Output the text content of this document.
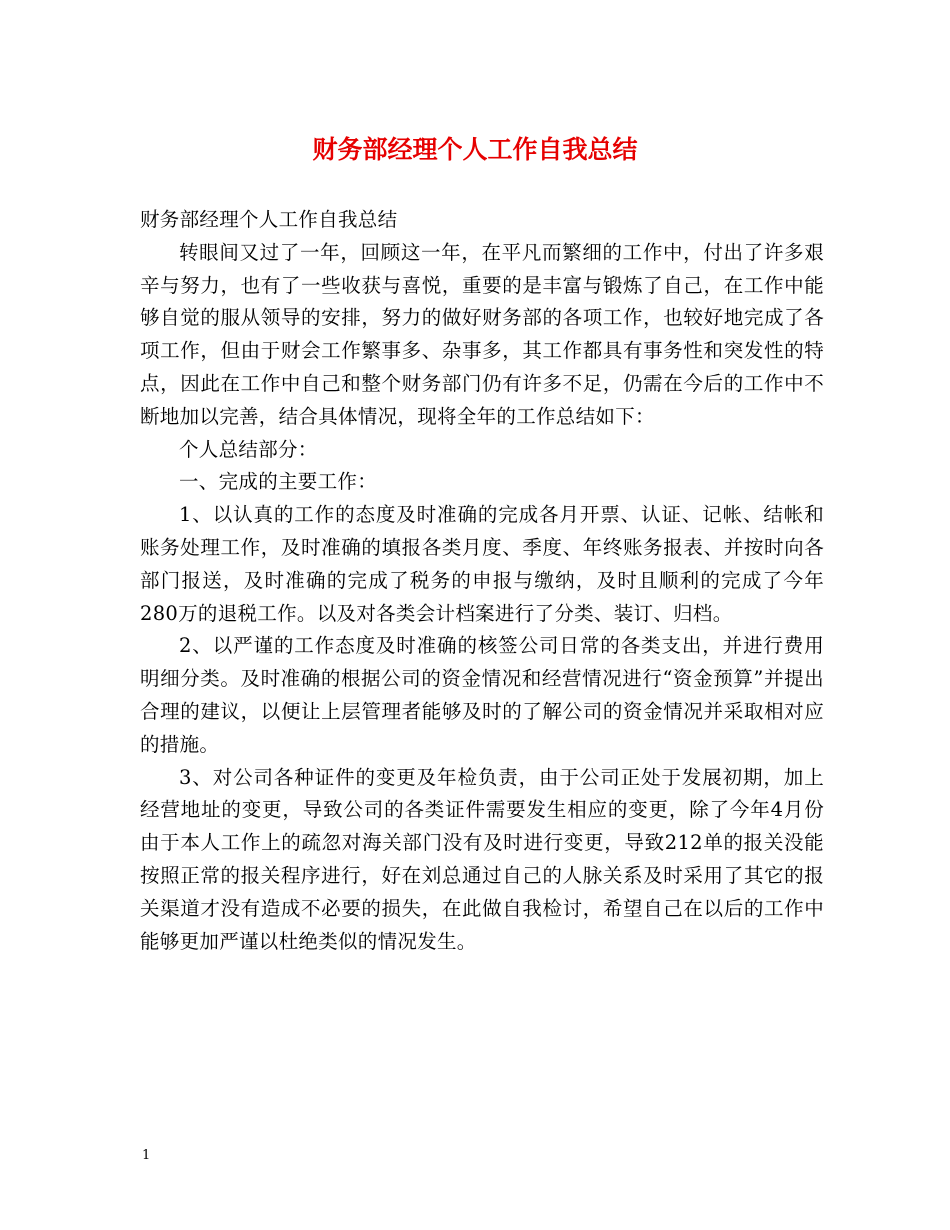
财务部经理个人工作自我总结

财务部经理个人工作自我总结

转眼间又过了一年，回顾这一年，在平凡而繁细的工作中，付出了许多艰辛与努力，也有了一些收获与喜悦，重要的是丰富与锻炼了自己，在工作中能够自觉的服从领导的安排，努力的做好财务部的各项工作，也较好地完成了各项工作，但由于财会工作繁事多、杂事多，其工作都具有事务性和突发性的特点，因此在工作中自己和整个财务部门仍有许多不足，仍需在今后的工作中不断地加以完善，结合具体情况，现将全年的工作总结如下：

个人总结部分：

一、完成的主要工作：

1、以认真的工作的态度及时准确的完成各月开票、认证、记帐、结帐和账务处理工作，及时准确的填报各类月度、季度、年终账务报表、并按时向各部门报送，及时准确的完成了税务的申报与缴纳，及时且顺利的完成了今年280万的退税工作。以及对各类会计档案进行了分类、装订、归档。

2、以严谨的工作态度及时准确的核签公司日常的各类支出，并进行费用明细分类。及时准确的根据公司的资金情况和经营情况进行“资金预算”并提出合理的建议，以便让上层管理者能够及时的了解公司的资金情况并采取相对应的措施。

3、对公司各种证件的变更及年检负责，由于公司正处于发展初期，加上经营地址的变更，导致公司的各类证件需要发生相应的变更，除了今年4月份由于本人工作上的疏忽对海关部门没有及时进行变更，导致212单的报关没能按照正常的报关程序进行，好在刘总通过自己的人脉关系及时采用了其它的报关渠道才没有造成不必要的损失，在此做自我检讨，希望自己在以后的工作中能够更加严谨以杜绝类似的情况发生。

1
